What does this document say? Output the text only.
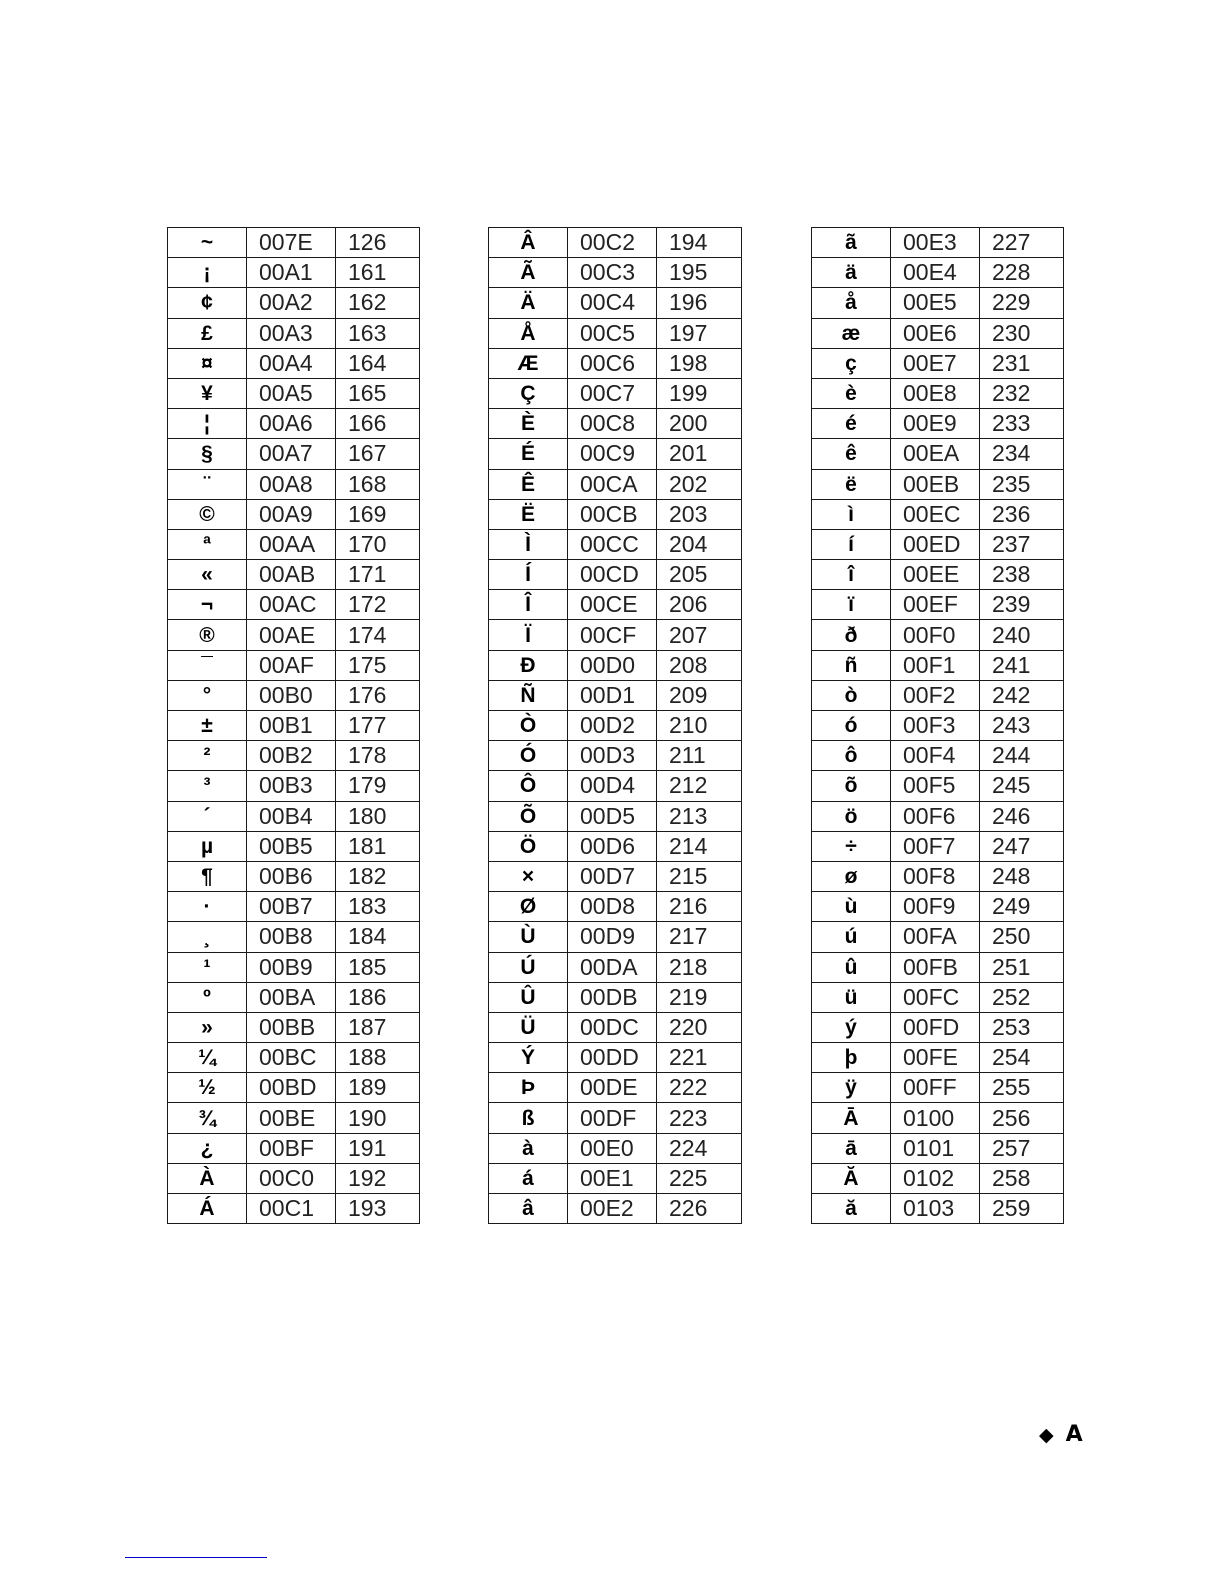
~	007E	126
¡	00A1	161
¢	00A2	162
£	00A3	163
¤	00A4	164
¥	00A5	165
¦	00A6	166
§	00A7	167
¨	00A8	168
©	00A9	169
ª	00AA	170
«	00AB	171
¬	00AC	172
®	00AE	174
¯	00AF	175
°	00B0	176
±	00B1	177
²	00B2	178
³	00B3	179
´	00B4	180
µ	00B5	181
¶	00B6	182
·	00B7	183
¸	00B8	184
¹	00B9	185
º	00BA	186
»	00BB	187
¼	00BC	188
½	00BD	189
¾	00BE	190
¿	00BF	191
À	00C0	192
Á	00C1	193
Â	00C2	194
Ã	00C3	195
Ä	00C4	196
Å	00C5	197
Æ	00C6	198
Ç	00C7	199
È	00C8	200
É	00C9	201
Ê	00CA	202
Ë	00CB	203
Ì	00CC	204
Í	00CD	205
Î	00CE	206
Ï	00CF	207
Ð	00D0	208
Ñ	00D1	209
Ò	00D2	210
Ó	00D3	211
Ô	00D4	212
Õ	00D5	213
Ö	00D6	214
×	00D7	215
Ø	00D8	216
Ù	00D9	217
Ú	00DA	218
Û	00DB	219
Ü	00DC	220
Ý	00DD	221
Þ	00DE	222
ß	00DF	223
à	00E0	224
á	00E1	225
â	00E2	226
ã	00E3	227
ä	00E4	228
å	00E5	229
æ	00E6	230
ç	00E7	231
è	00E8	232
é	00E9	233
ê	00EA	234
ë	00EB	235
ì	00EC	236
í	00ED	237
î	00EE	238
ï	00EF	239
ð	00F0	240
ñ	00F1	241
ò	00F2	242
ó	00F3	243
ô	00F4	244
õ	00F5	245
ö	00F6	246
÷	00F7	247
ø	00F8	248
ù	00F9	249
ú	00FA	250
û	00FB	251
ü	00FC	252
ý	00FD	253
þ	00FE	254
ÿ	00FF	255
Ā	0100	256
ā	0101	257
Ă	0102	258
ă	0103	259
◆ A
